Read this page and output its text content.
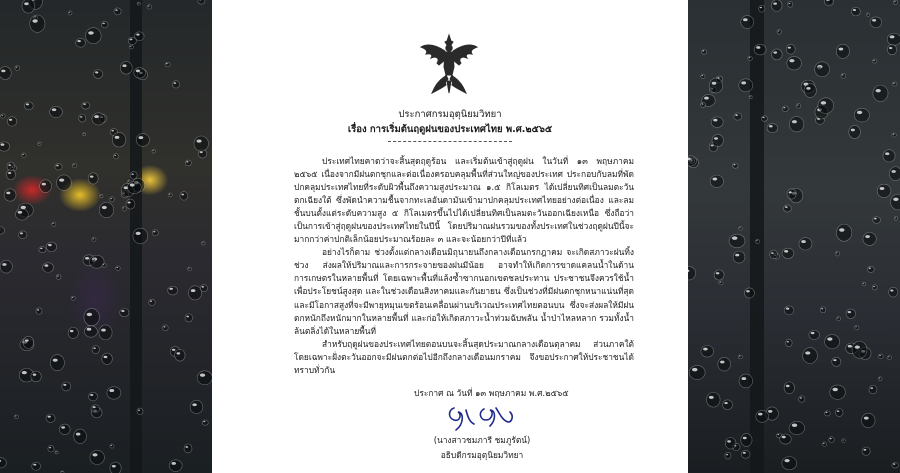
ประกาศกรมอุตุนิยมวิทยา
เรื่อง การเริ่มต้นฤดูฝนของประเทศไทย พ.ศ.๒๕๖๕

ประเทศไทยคาดว่าจะสิ้นสุดฤดูร้อน และเริ่มต้นเข้าสู่ฤดูฝน ในวันที่ ๑๓ พฤษภาคม ๒๕๖๕ เนื่องจากมีฝนตกชุกและต่อเนื่องครอบคลุมพื้นที่ส่วนใหญ่ของประเทศ ประกอบกับลมที่พัดปกคลุมประเทศไทยที่ระดับผิวพื้นถึงความสูงประมาณ ๑.๕ กิโลเมตร ได้เปลี่ยนทิศเป็นลมตะวันตกเฉียงใต้ ซึ่งพัดนำความชื้นจากทะเลอันดามันเข้ามาปกคลุมประเทศไทยอย่างต่อเนื่อง และลมชั้นบนตั้งแต่ระดับความสูง ๕ กิโลเมตรขึ้นไปได้เปลี่ยนทิศเป็นลมตะวันออกเฉียงเหนือ ซึ่งถือว่าเป็นการเข้าสู่ฤดูฝนของประเทศไทยในปีนี้ โดยปริมาณฝนรวมของทั้งประเทศในช่วงฤดูฝนปีนี้จะมากกว่าค่าปกติเล็กน้อยประมาณร้อยละ ๓ และจะน้อยกว่าปีที่แล้ว

อย่างไรก็ตาม ช่วงตั้งแต่กลางเดือนมิถุนายนถึงกลางเดือนกรกฎาคม จะเกิดสภาวะฝนทิ้งช่วง ส่งผลให้ปริมาณและการกระจายของฝนมีน้อย อาจทำให้เกิดการขาดแคลนน้ำในด้านการเกษตรในหลายพื้นที่ โดยเฉพาะพื้นที่แล้งซ้ำซากนอกเขตชลประทาน ประชาชนจึงควรใช้น้ำเพื่อประโยชน์สูงสุด และในช่วงเดือนสิงหาคมและกันยายน ซึ่งเป็นช่วงที่มีฝนตกชุกหนาแน่นที่สุด และมีโอกาสสูงที่จะมีพายุหมุนเขตร้อนเคลื่อนผ่านบริเวณประเทศไทยตอนบน ซึ่งจะส่งผลให้มีฝนตกหนักถึงหนักมากในหลายพื้นที่ และก่อให้เกิดสภาวะน้ำท่วมฉับพลัน น้ำป่าไหลหลาก รวมทั้งน้ำล้นตลิ่งได้ในหลายพื้นที่

สำหรับฤดูฝนของประเทศไทยตอนบนจะสิ้นสุดประมาณกลางเดือนตุลาคม ส่วนภาคใต้โดยเฉพาะฝั่งตะวันออกจะมีฝนตกต่อไปอีกถึงกลางเดือนมกราคม จึงขอประกาศให้ประชาชนได้ทราบทั่วกัน

ประกาศ ณ วันที่ ๑๓ พฤษภาคม พ.ศ.๒๕๖๕
(นางสาวชมภารี ชมภูรัตน์)
อธิบดีกรมอุตุนิยมวิทยา
